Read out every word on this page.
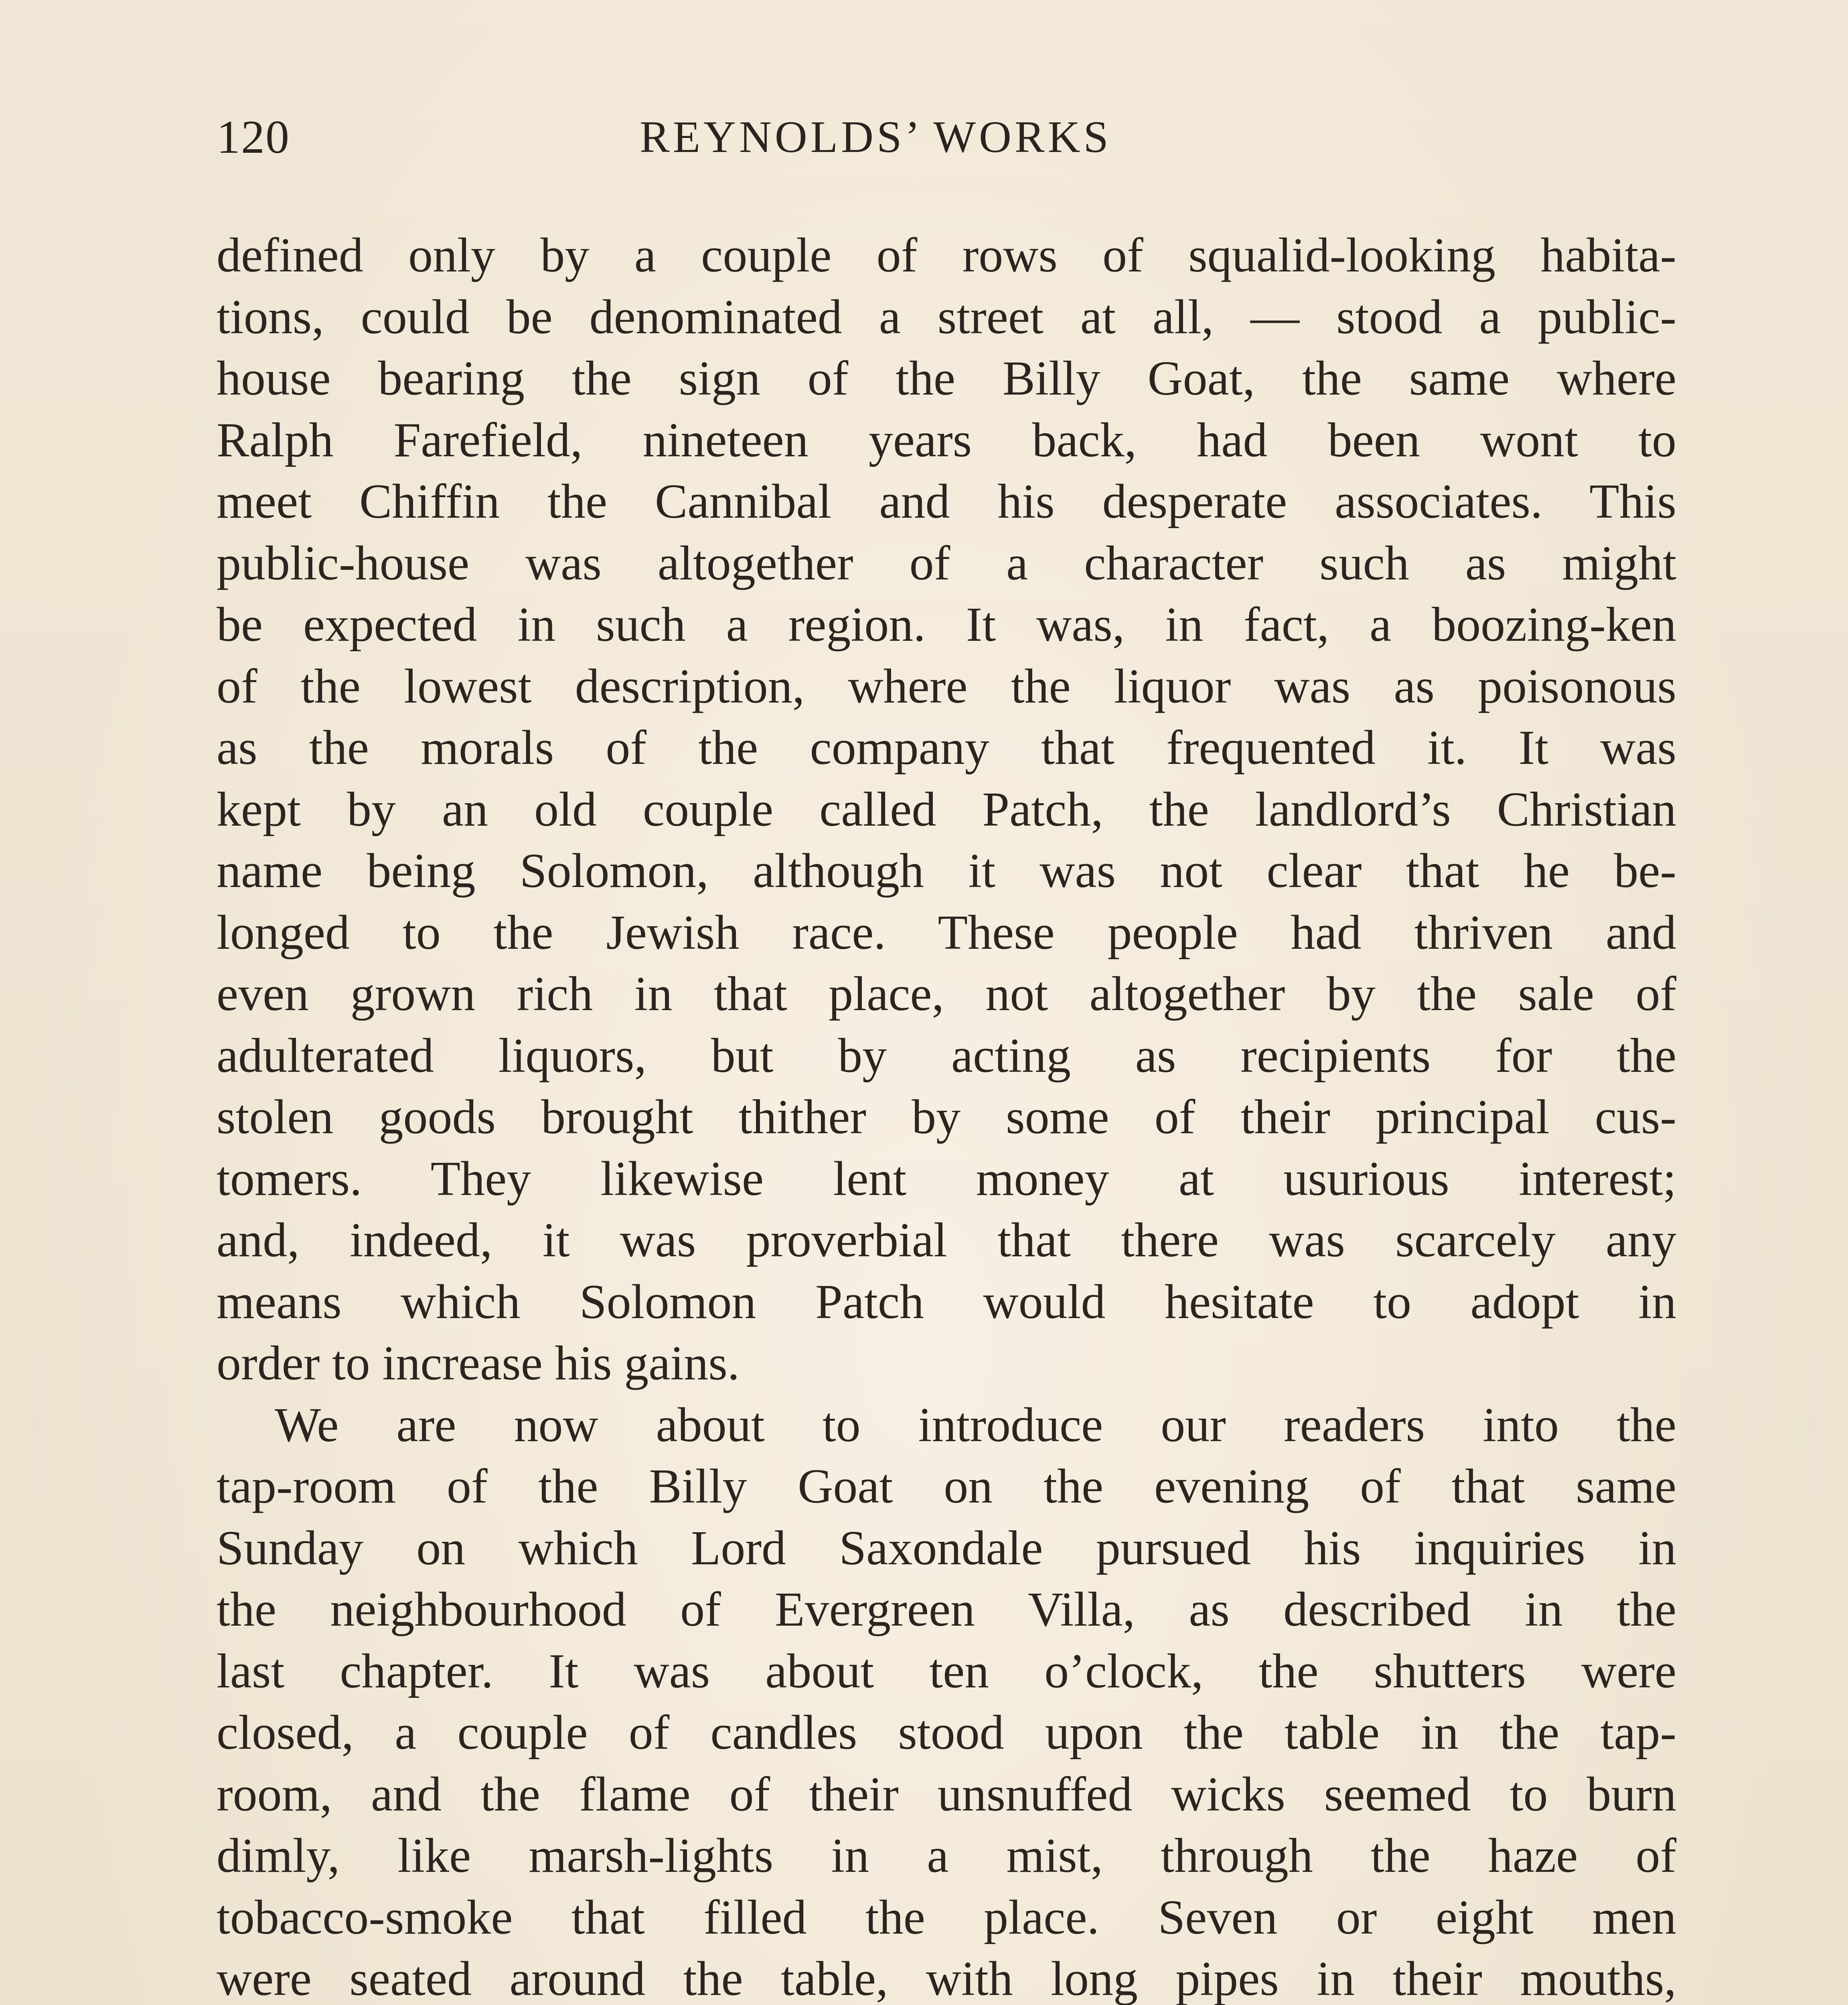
120	REYNOLDS’ WORKS
defined only by a couple of rows of squalid-looking habita-
tions, could be denominated a street at all, — stood a public-
house bearing the sign of the Billy Goat, the same where
Ralph Farefield, nineteen years back, had been wont to
meet Chiffin the Cannibal and his desperate associates. This
public-house was altogether of a character such as might
be expected in such a region. It was, in fact, a boozing-ken
of the lowest description, where the liquor was as poisonous
as the morals of the company that frequented it. It was
kept by an old couple called Patch, the landlord’s Christian
name being Solomon, although it was not clear that he be-
longed to the Jewish race. These people had thriven and
even grown rich in that place, not altogether by the sale of
adulterated liquors, but by acting as recipients for the
stolen goods brought thither by some of their principal cus-
tomers. They likewise lent money at usurious interest;
and, indeed, it was proverbial that there was scarcely any
means which Solomon Patch would hesitate to adopt in
order to increase his gains.
We are now about to introduce our readers into the
tap-room of the Billy Goat on the evening of that same
Sunday on which Lord Saxondale pursued his inquiries in
the neighbourhood of Evergreen Villa, as described in the
last chapter. It was about ten o’clock, the shutters were
closed, a couple of candles stood upon the table in the tap-
room, and the flame of their unsnuffed wicks seemed to burn
dimly, like marsh-lights in a mist, through the haze of
tobacco-smoke that filled the place. Seven or eight men
were seated around the table, with long pipes in their mouths,
